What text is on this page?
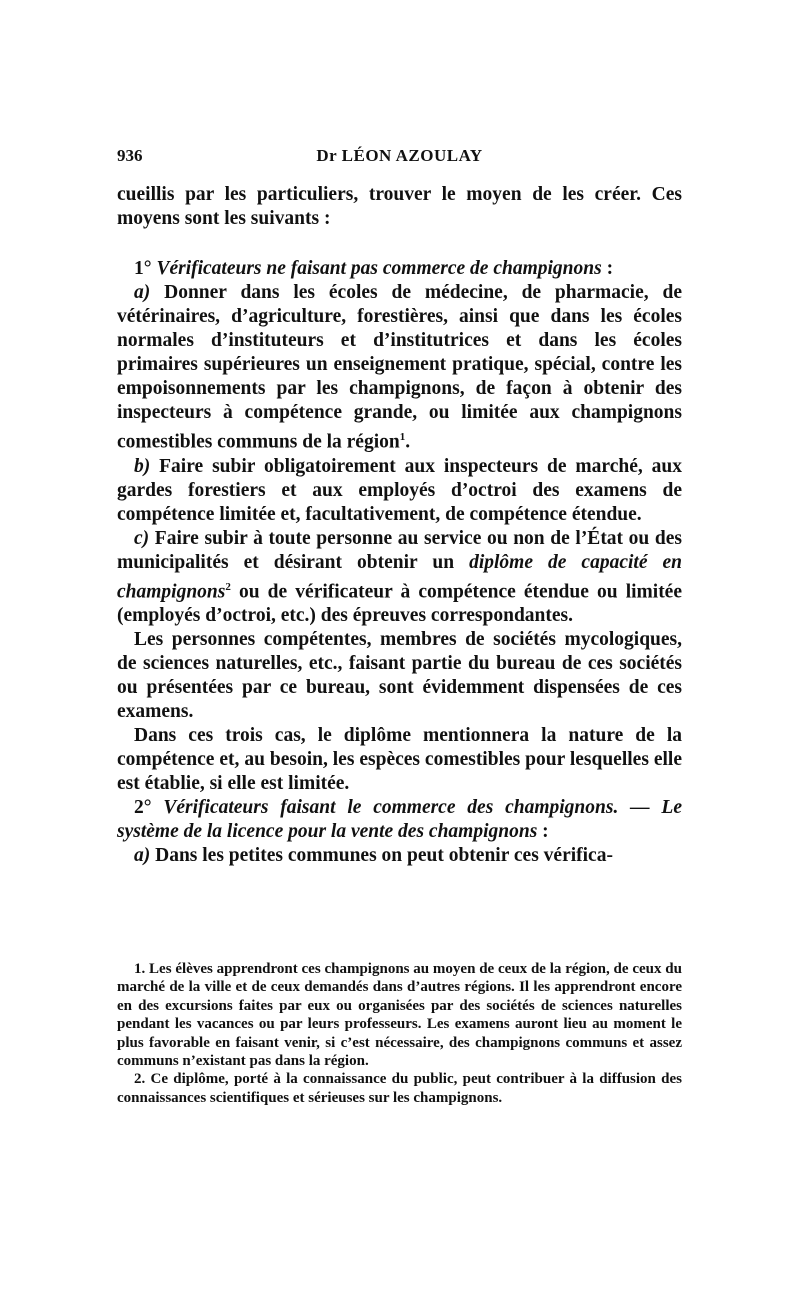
936	Dr LÉON AZOULAY

cueillis par les particuliers, trouver le moyen de les créer. Ces moyens sont les suivants :

1° Vérificateurs ne faisant pas commerce de champignons :

a) Donner dans les écoles de médecine, de pharmacie, de vétérinaires, d’agriculture, forestières, ainsi que dans les écoles normales d’instituteurs et d’institutrices et dans les écoles primaires supérieures un enseignement pratique, spécial, contre les empoisonnements par les champignons, de façon à obtenir des inspecteurs à compétence grande, ou limitée aux champignons comestibles communs de la région$^1$.

b) Faire subir obligatoirement aux inspecteurs de marché, aux gardes forestiers et aux employés d’octroi des examens de compétence limitée et, facultativement, de compétence étendue.

c) Faire subir à toute personne au service ou non de l’État ou des municipalités et désirant obtenir un diplôme de capacité en champignons$^2$ ou de vérificateur à compétence étendue ou limitée (employés d’octroi, etc.) des épreuves correspondantes.

Les personnes compétentes, membres de sociétés mycologiques, de sciences naturelles, etc., faisant partie du bureau de ces sociétés ou présentées par ce bureau, sont évidemment dispensées de ces examens.

Dans ces trois cas, le diplôme mentionnera la nature de la compétence et, au besoin, les espèces comestibles pour lesquelles elle est établie, si elle est limitée.

2° Vérificateurs faisant le commerce des champignons. — Le système de la licence pour la vente des champignons :

a) Dans les petites communes on peut obtenir ces vérifica-

1. Les élèves apprendront ces champignons au moyen de ceux de la région, de ceux du marché de la ville et de ceux demandés dans d’autres régions. Il les apprendront encore en des excursions faites par eux ou organisées par des sociétés de sciences naturelles pendant les vacances ou par leurs professeurs. Les examens auront lieu au moment le plus favorable en faisant venir, si c’est nécessaire, des champignons communs et assez communs n’existant pas dans la région.

2. Ce diplôme, porté à la connaissance du public, peut contribuer à la diffusion des connaissances scientifiques et sérieuses sur les champignons.
